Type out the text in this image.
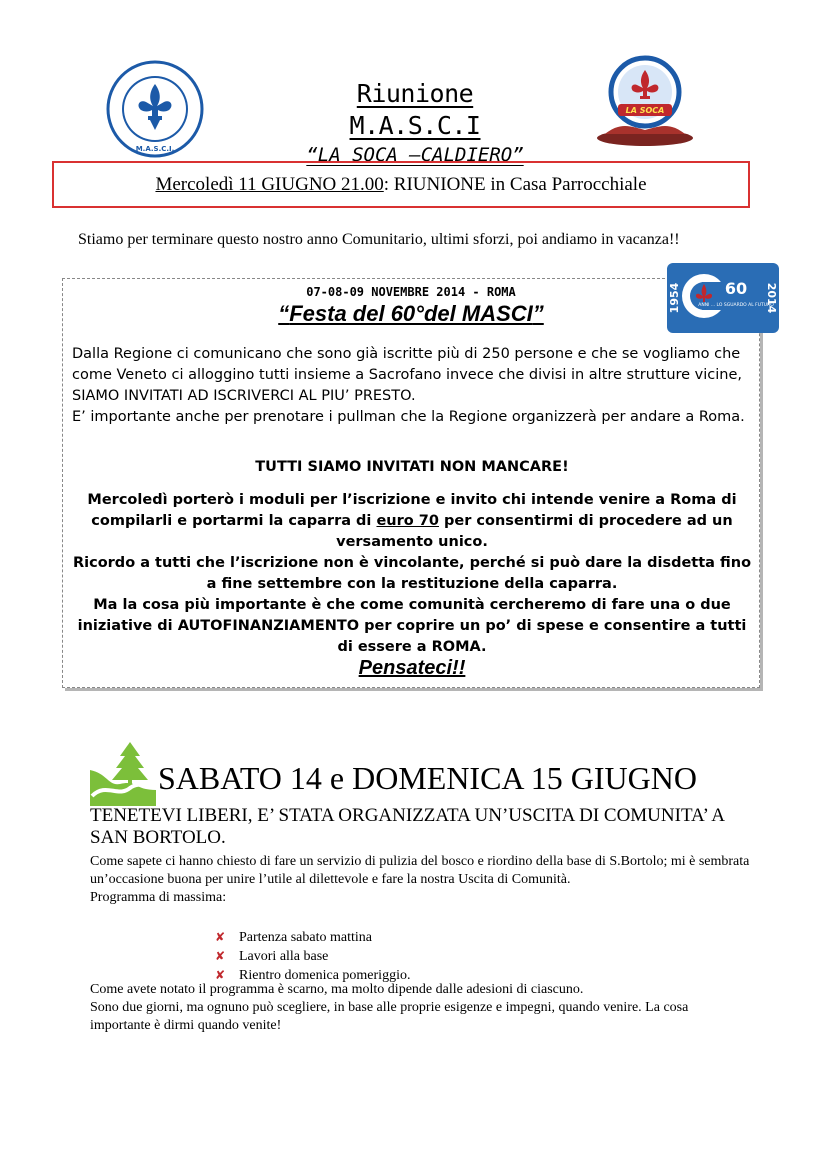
M.A.S.C.I.
Riunione M.A.S.C.I
“LA SOCA –CALDIERO”
LA SOCA
Mercoledì 11 GIUGNO 21.00: RIUNIONE in Casa Parrocchiale
Stiamo per terminare questo nostro anno Comunitario, ultimi sforzi, poi andiamo in vacanza!!
07-08-09 NOVEMBRE 2014 - ROMA
“Festa del 60°del MASCI”
1954	2014
60
ANNI ... LO SGUARDO AL FUTURO

Dalla Regione ci comunicano che sono già iscritte più di 250 persone e che se vogliamo che come Veneto ci alloggino tutti insieme a Sacrofano invece che divisi in altre strutture vicine, SIAMO INVITATI AD ISCRIVERCI AL PIU’ PRESTO.

E’ importante anche per prenotare i pullman che la Regione organizzerà per andare a Roma.

TUTTI SIAMO INVITATI NON MANCARE!

Mercoledì porterò i moduli per l’iscrizione e invito chi intende venire a Roma di compilarli e portarmi la caparra di euro 70 per consentirmi di procedere ad un versamento unico.

Ricordo a tutti che l’iscrizione non è vincolante, perché si può dare la disdetta fino a fine settembre con la restituzione della caparra.

Ma la cosa più importante è che come comunità cercheremo di fare una o due iniziative di AUTOFINANZIAMENTO per coprire un po’ di spese e consentire a tutti di essere a ROMA.

Pensateci!!

SABATO 14 e DOMENICA 15 GIUGNO
TENETEVI LIBERI, E’ STATA ORGANIZZATA UN’USCITA DI COMUNITA’ A SAN BORTOLO.

Come sapete ci hanno chiesto di fare un servizio di pulizia del bosco e riordino della base di S.Bortolo; mi è sembrata un’occasione buona per unire l’utile al dilettevole e fare la nostra Uscita di Comunità.

Programma di massima:

✘ Partenza sabato mattina
✘ Lavori alla base
✘ Rientro domenica pomeriggio.

Come avete notato il programma è scarno, ma molto dipende dalle adesioni di ciascuno.

Sono due giorni, ma ognuno può scegliere, in base alle proprie esigenze e impegni, quando venire. La cosa importante è dirmi quando venite!
